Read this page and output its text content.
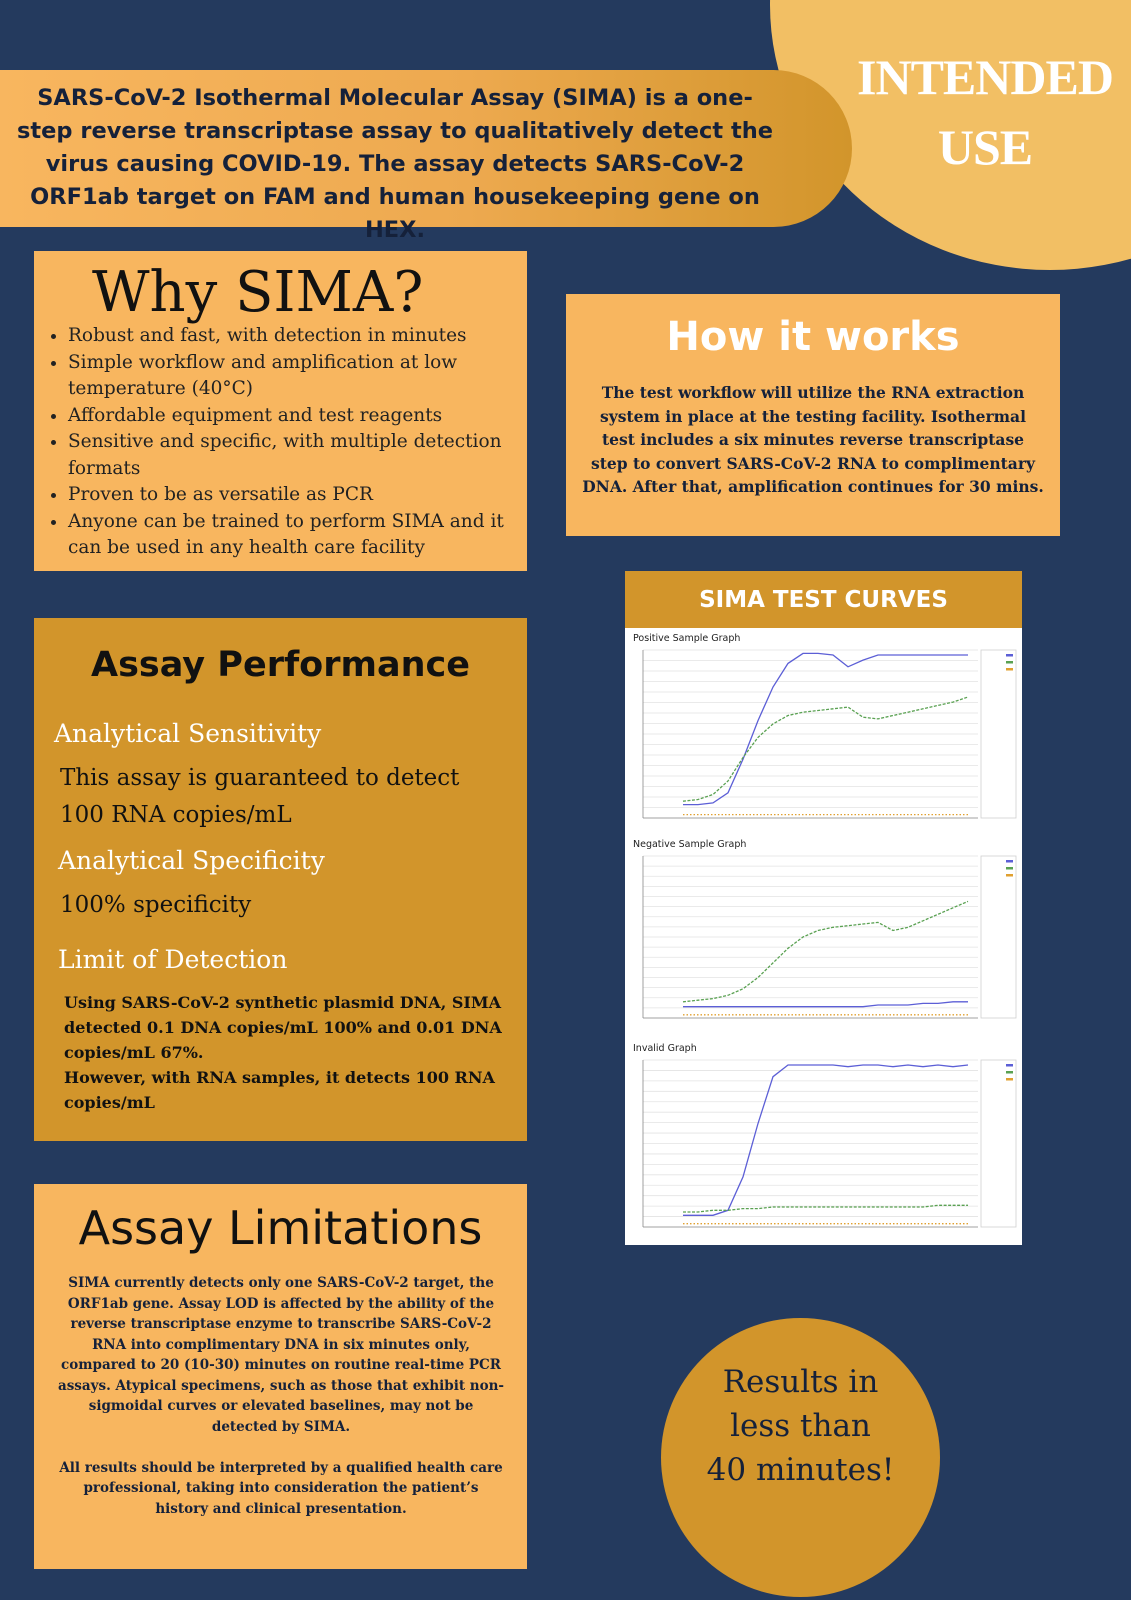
INTENDED
USE
SARS-CoV-2 Isothermal Molecular Assay (SIMA) is a one-step reverse transcriptase assay to qualitatively detect the virus causing COVID-19. The assay detects SARS-CoV-2 ORF1ab target on FAM and human housekeeping gene on HEX.
Why SIMA?
• Robust and fast, with detection in minutes
• Simple workflow and amplification at low temperature (40°C)
• Affordable equipment and test reagents
• Sensitive and specific, with multiple detection formats
• Proven to be as versatile as PCR
• Anyone can be trained to perform SIMA and it can be used in any health care facility
How it works
The test workflow will utilize the RNA extraction system in place at the testing facility. Isothermal test includes a six minutes reverse transcriptase step to convert SARS-CoV-2 RNA to complimentary DNA. After that, amplification continues for 30 mins.
Assay Performance
Analytical Sensitivity
This assay is guaranteed to detect 100 RNA copies/mL
Analytical Specificity
100% specificity
Limit of Detection
Using SARS-CoV-2 synthetic plasmid DNA, SIMA detected 0.1 DNA copies/mL 100% and 0.01 DNA copies/mL 67%.
However, with RNA samples, it detects 100 RNA copies/mL
Assay Limitations

SIMA currently detects only one SARS-CoV-2 target, the ORF1ab gene. Assay LOD is affected by the ability of the reverse transcriptase enzyme to transcribe SARS-CoV-2 RNA into complimentary DNA in six minutes only, compared to 20 (10-30) minutes on routine real-time PCR assays. Atypical specimens, such as those that exhibit non-sigmoidal curves or elevated baselines, may not be detected by SIMA.

All results should be interpreted by a qualified health care professional, taking into consideration the patient’s history and clinical presentation.

SIMA TEST CURVES
Positive Sample Graph
Negative Sample Graph
Invalid Graph
Results in
less than
40 minutes!
